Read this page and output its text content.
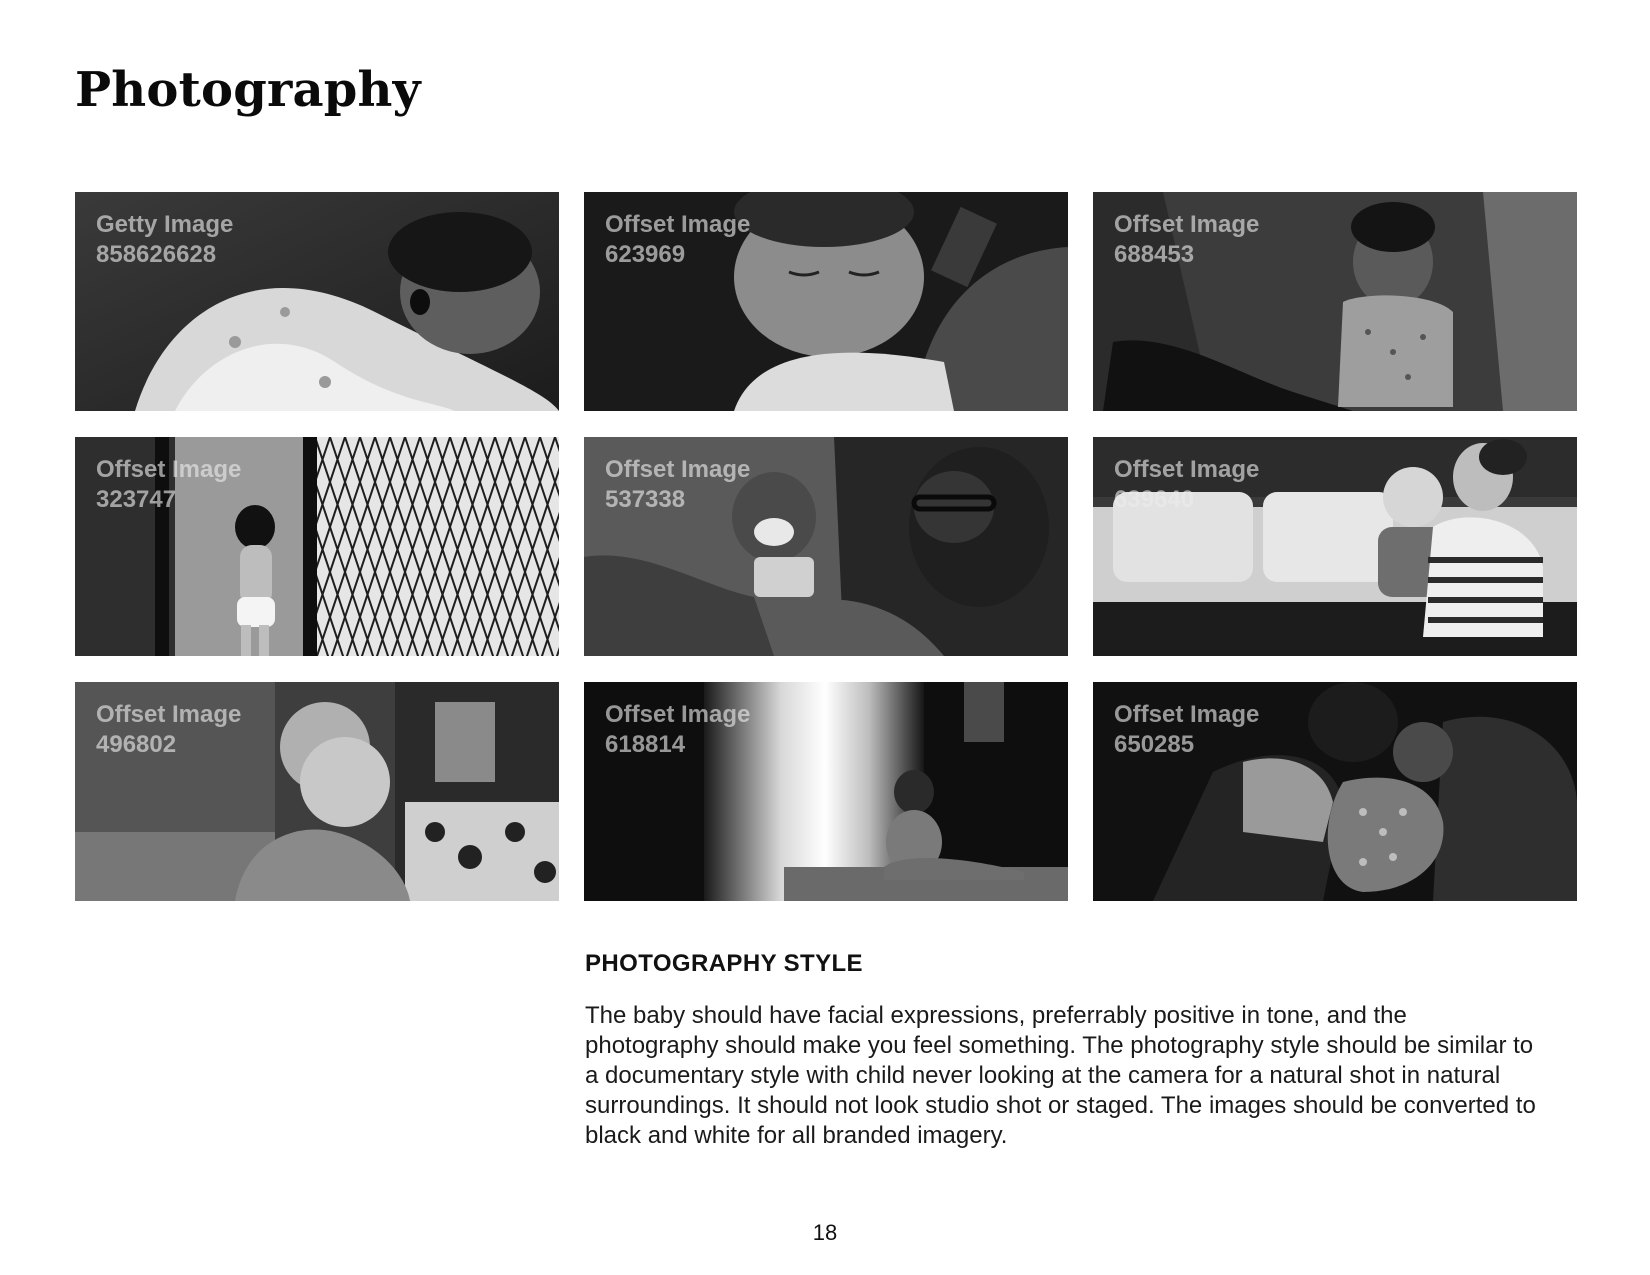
Photography
Getty Image
858626628
Offset Image
623969
Offset Image
688453
Offset Image
323747
Offset Image
537338
Offset Image
639640
Offset Image
496802
Offset Image
618814
Offset Image
650285
PHOTOGRAPHY STYLE

The baby should have facial expressions, preferrably positive in tone, and the photography should make you feel something. The photography style should be similar to a documentary style with child never looking at the camera for a natural shot in natural surroundings. It should not look studio shot or staged. The images should be converted to black and white for all branded imagery.

18
